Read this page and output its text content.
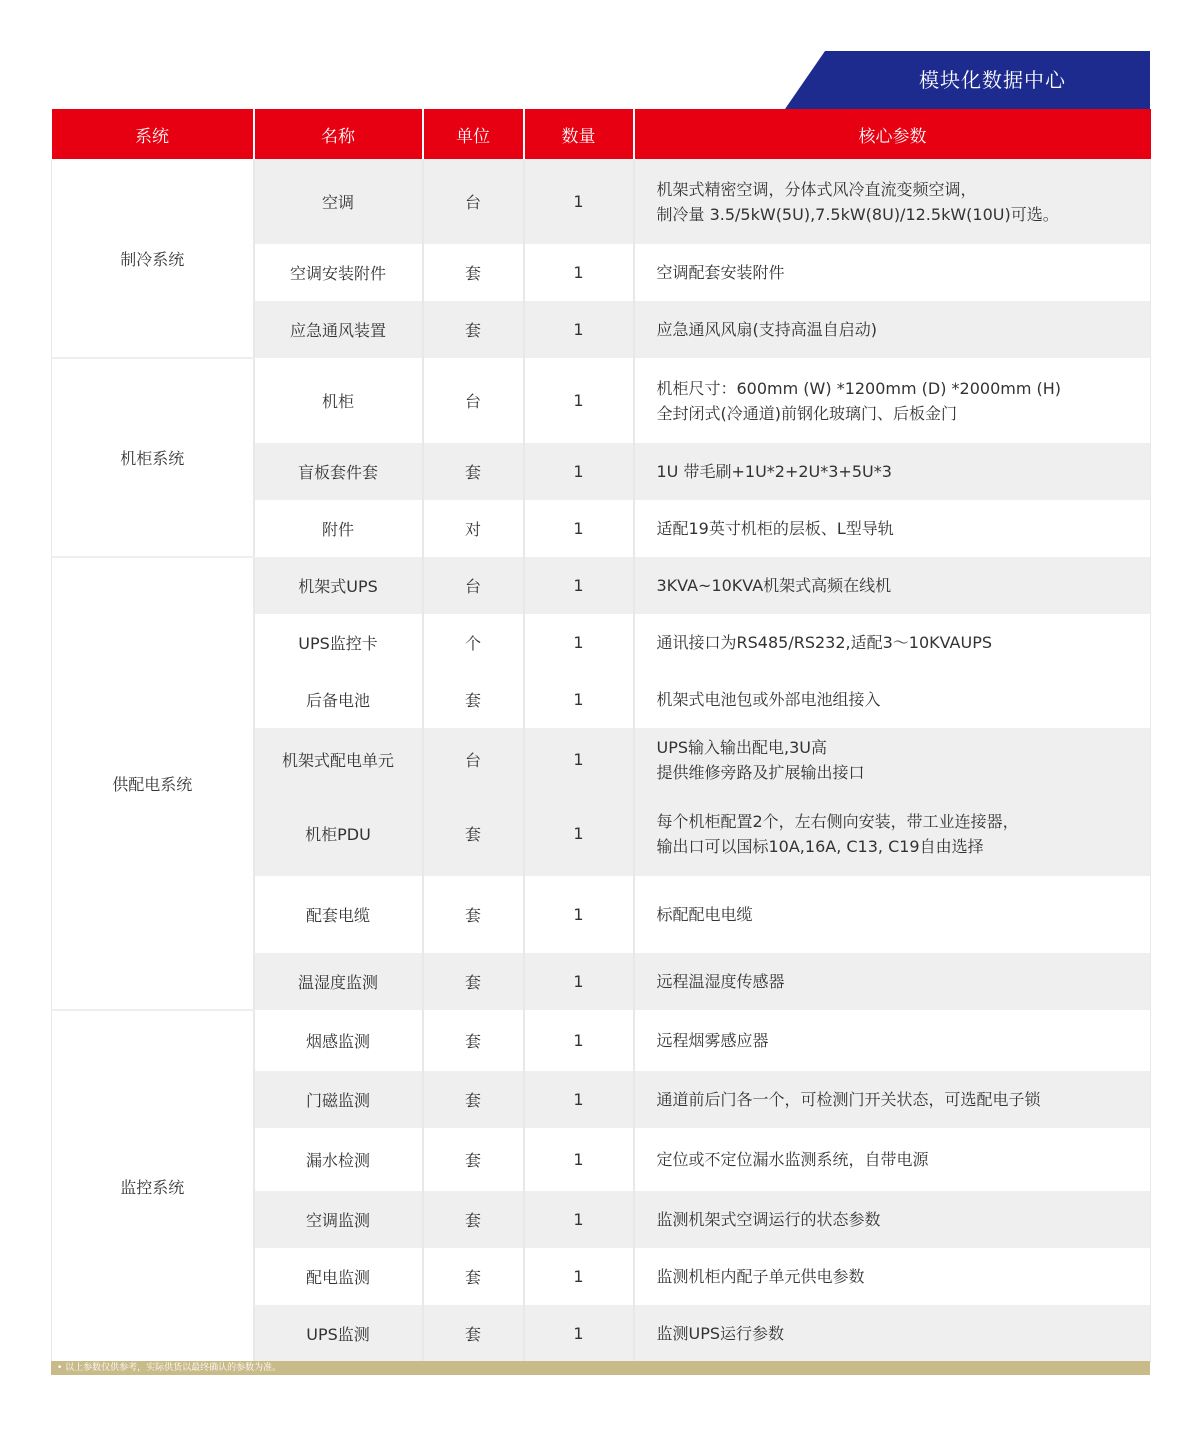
模块化数据中心
系统	名称	单位	数量	核心参数
制冷系统	空调	台	1	机架式精密空调，分体式风冷直流变频空调，
制冷量 3.5/5kW(5U),7.5kW(8U)/12.5kW(10U)可选。

	空调安装附件	套	1	空调配套安装附件

	应急通风装置	套	1	应急通风风扇(支持高温自启动)

机柜系统	机柜	台	1	机柜尺寸：600mm (W) *1200mm (D) *2000mm (H)
全封闭式(冷通道)前钢化玻璃门、后板金门

	盲板套件套	套	1	1U 带毛刷+1U*2+2U*3+5U*3

	附件	对	1	适配19英寸机柜的层板、L型导轨

供配电系统	机架式UPS	台	1	3KVA~10KVA机架式高频在线机

	UPS监控卡	个	1	通讯接口为RS485/RS232,适配3～10KVAUPS

	后备电池	套	1	机架式电池包或外部电池组接入

	机架式配电单元	台	1	UPS输入输出配电,3U高
提供维修旁路及扩展输出接口

	机柜PDU	套	1	每个机柜配置2个，左右侧向安装，带工业连接器，
输出口可以国标10A,16A, C13, C19自由选择

	配套电缆	套	1	标配配电电缆

	温湿度监测	套	1	远程温湿度传感器

监控系统	烟感监测	套	1	远程烟雾感应器

	门磁监测	套	1	通道前后门各一个，可检测门开关状态，可选配电子锁

	漏水检测	套	1	定位或不定位漏水监测系统，自带电源

	空调监测	套	1	监测机架式空调运行的状态参数

	配电监测	套	1	监测机柜内配子单元供电参数

	UPS监测	套	1	监测UPS运行参数
• 以上参数仅供参考，实际供货以最终确认的参数为准。
